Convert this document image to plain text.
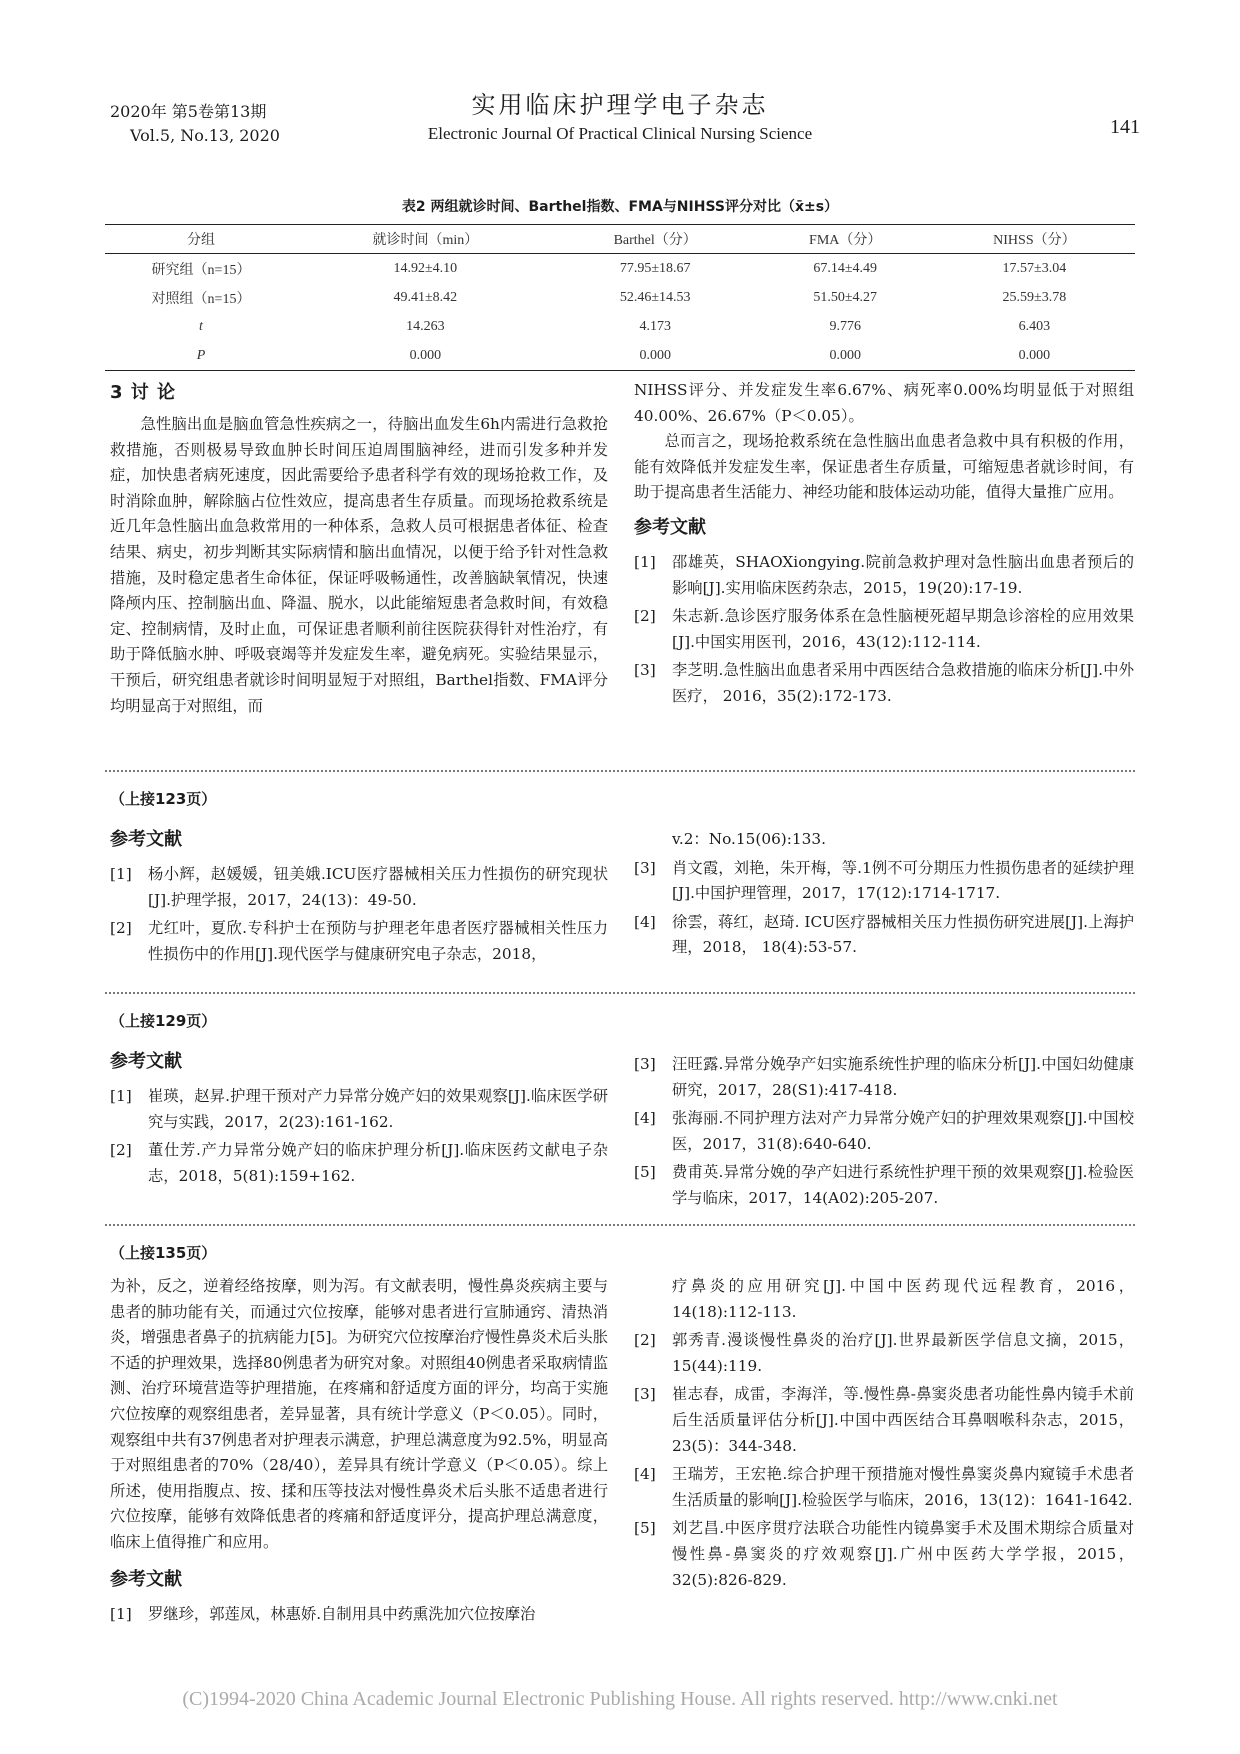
2020年 第5卷第13期
Vol.5, No.13, 2020
实用临床护理学电子杂志
Electronic Journal Of Practical Clinical Nursing Science	141
表2 两组就诊时间、Barthel指数、FMA与NIHSS评分对比（x̄±s）
分组	就诊时间（min）	Barthel（分）	FMA（分）	NIHSS（分）
研究组（n=15）	14.92±4.10	77.95±18.67	67.14±4.49	17.57±3.04
对照组（n=15）	49.41±8.42	52.46±14.53	51.50±4.27	25.59±3.78
t	14.263	4.173	9.776	6.403
P	0.000	0.000	0.000	0.000
3 讨 论

急性脑出血是脑血管急性疾病之一，待脑出血发生6h内需进行急救抢救措施，否则极易导致血肿长时间压迫周围脑神经，进而引发多种并发症，加快患者病死速度，因此需要给予患者科学有效的现场抢救工作，及时消除血肿，解除脑占位性效应，提高患者生存质量。而现场抢救系统是近几年急性脑出血急救常用的一种体系，急救人员可根据患者体征、检查结果、病史，初步判断其实际病情和脑出血情况，以便于给予针对性急救措施，及时稳定患者生命体征，保证呼吸畅通性，改善脑缺氧情况，快速降颅内压、控制脑出血、降温、脱水，以此能缩短患者急救时间，有效稳定、控制病情，及时止血，可保证患者顺利前往医院获得针对性治疗，有助于降低脑水肿、呼吸衰竭等并发症发生率，避免病死。实验结果显示，干预后，研究组患者就诊时间明显短于对照组，Barthel指数、FMA评分均明显高于对照组，而

NIHSS评分、并发症发生率6.67%、病死率0.00%均明显低于对照组40.00%、26.67%（P＜0.05）。

总而言之，现场抢救系统在急性脑出血患者急救中具有积极的作用，能有效降低并发症发生率，保证患者生存质量，可缩短患者就诊时间，有助于提高患者生活能力、神经功能和肢体运动功能，值得大量推广应用。

参考文献
[1]	邵雄英，SHAOXiongying.院前急救护理对急性脑出血患者预后的影响[J].实用临床医药杂志，2015，19(20):17-19.
[2]	朱志新.急诊医疗服务体系在急性脑梗死超早期急诊溶栓的应用效果[J].中国实用医刊，2016，43(12):112-114.
[3]	李芝明.急性脑出血患者采用中西医结合急救措施的临床分析[J].中外医疗， 2016，35(2):172-173.
（上接123页）
参考文献
[1]	杨小辉，赵媛媛，钮美娥.ICU医疗器械相关压力性损伤的研究现状[J].护理学报，2017，24(13)：49-50.
[2]	尤红叶，夏欣.专科护士在预防与护理老年患者医疗器械相关性压力性损伤中的作用[J].现代医学与健康研究电子杂志，2018，
v.2：No.15(06):133.
[3]	肖文霞，刘艳，朱开梅，等.1例不可分期压力性损伤患者的延续护理[J].中国护理管理，2017，17(12):1714-1717.
[4]	徐雲，蒋红，赵琦. ICU医疗器械相关压力性损伤研究进展[J].上海护理，2018， 18(4):53-57.
（上接129页）
参考文献
[1]	崔瑛，赵昇.护理干预对产力异常分娩产妇的效果观察[J].临床医学研究与实践，2017，2(23):161-162.
[2]	董仕芳.产力异常分娩产妇的临床护理分析[J].临床医药文献电子杂志，2018，5(81):159+162.
[3]	汪旺露.异常分娩孕产妇实施系统性护理的临床分析[J].中国妇幼健康研究，2017，28(S1):417-418.
[4]	张海丽.不同护理方法对产力异常分娩产妇的护理效果观察[J].中国校医，2017，31(8):640-640.
[5]	费甫英.异常分娩的孕产妇进行系统性护理干预的效果观察[J].检验医学与临床，2017，14(A02):205-207.
（上接135页）

为补，反之，逆着经络按摩，则为泻。有文献表明，慢性鼻炎疾病主要与患者的肺功能有关，而通过穴位按摩，能够对患者进行宣肺通窍、清热消炎，增强患者鼻子的抗病能力[5]。为研究穴位按摩治疗慢性鼻炎术后头胀不适的护理效果，选择80例患者为研究对象。对照组40例患者采取病情监测、治疗环境营造等护理措施，在疼痛和舒适度方面的评分，均高于实施穴位按摩的观察组患者，差异显著，具有统计学意义（P＜0.05）。同时，观察组中共有37例患者对护理表示满意，护理总满意度为92.5%，明显高于对照组患者的70%（28/40），差异具有统计学意义（P＜0.05）。综上所述，使用指腹点、按、揉和压等技法对慢性鼻炎术后头胀不适患者进行穴位按摩，能够有效降低患者的疼痛和舒适度评分，提高护理总满意度，临床上值得推广和应用。

参考文献
[1]	罗继珍，郭莲凤，林惠娇.自制用具中药熏洗加穴位按摩治
疗鼻炎的应用研究[J].中国中医药现代远程教育，2016，14(18):112-113.
[2]	郭秀青.漫谈慢性鼻炎的治疗[J].世界最新医学信息文摘，2015，15(44):119.
[3]	崔志春，成雷，李海洋，等.慢性鼻-鼻窦炎患者功能性鼻内镜手术前后生活质量评估分析[J].中国中西医结合耳鼻咽喉科杂志，2015，23(5)：344-348.
[4]	王瑞芳，王宏艳.综合护理干预措施对慢性鼻窦炎鼻内窥镜手术患者生活质量的影响[J].检验医学与临床，2016，13(12)：1641-1642.
[5]	刘艺昌.中医序贯疗法联合功能性内镜鼻窦手术及围术期综合质量对慢性鼻-鼻窦炎的疗效观察[J].广州中医药大学学报，2015，32(5):826-829.
(C)1994-2020 China Academic Journal Electronic Publishing House. All rights reserved. http://www.cnki.net
